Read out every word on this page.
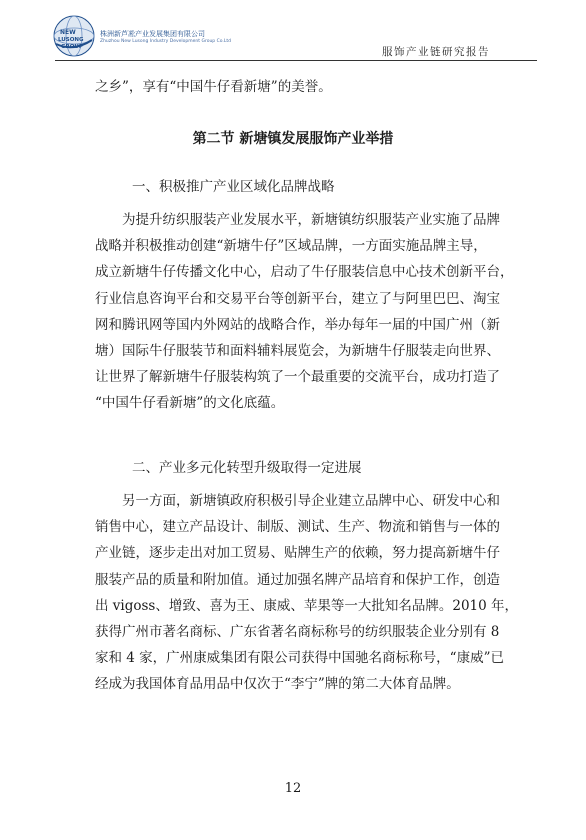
NEW
LUSONG
GROUP
株洲新芦凇产业发展集团有限公司
Zhuzhou New Lusong Industry Development Group Co.Ltd
服饰产业链研究报告
之乡”，享有“中国牛仔看新塘”的美誉。
第二节 新塘镇发展服饰产业举措
一、积极推广产业区域化品牌战略
为提升纺织服装产业发展水平，新塘镇纺织服装产业实施了品牌
战略并积极推动创建“新塘牛仔”区域品牌，一方面实施品牌主导，
成立新塘牛仔传播文化中心，启动了牛仔服装信息中心技术创新平台，
行业信息咨询平台和交易平台等创新平台，建立了与阿里巴巴、淘宝
网和腾讯网等国内外网站的战略合作，举办每年一届的中国广州（新
塘）国际牛仔服装节和面料辅料展览会，为新塘牛仔服装走向世界、
让世界了解新塘牛仔服装构筑了一个最重要的交流平台，成功打造了
“中国牛仔看新塘”的文化底蕴。
二、产业多元化转型升级取得一定进展
另一方面，新塘镇政府积极引导企业建立品牌中心、研发中心和
销售中心，建立产品设计、制版、测试、生产、物流和销售与一体的
产业链，逐步走出对加工贸易、贴牌生产的依赖，努力提高新塘牛仔
服装产品的质量和附加值。通过加强名牌产品培育和保护工作，创造
出 vigoss、增致、喜为王、康威、苹果等一大批知名品牌。2010 年，
获得广州市著名商标、广东省著名商标称号的纺织服装企业分别有 8
家和 4 家，广州康威集团有限公司获得中国驰名商标称号，“康威”已
经成为我国体育品用品中仅次于“李宁”牌的第二大体育品牌。
12
